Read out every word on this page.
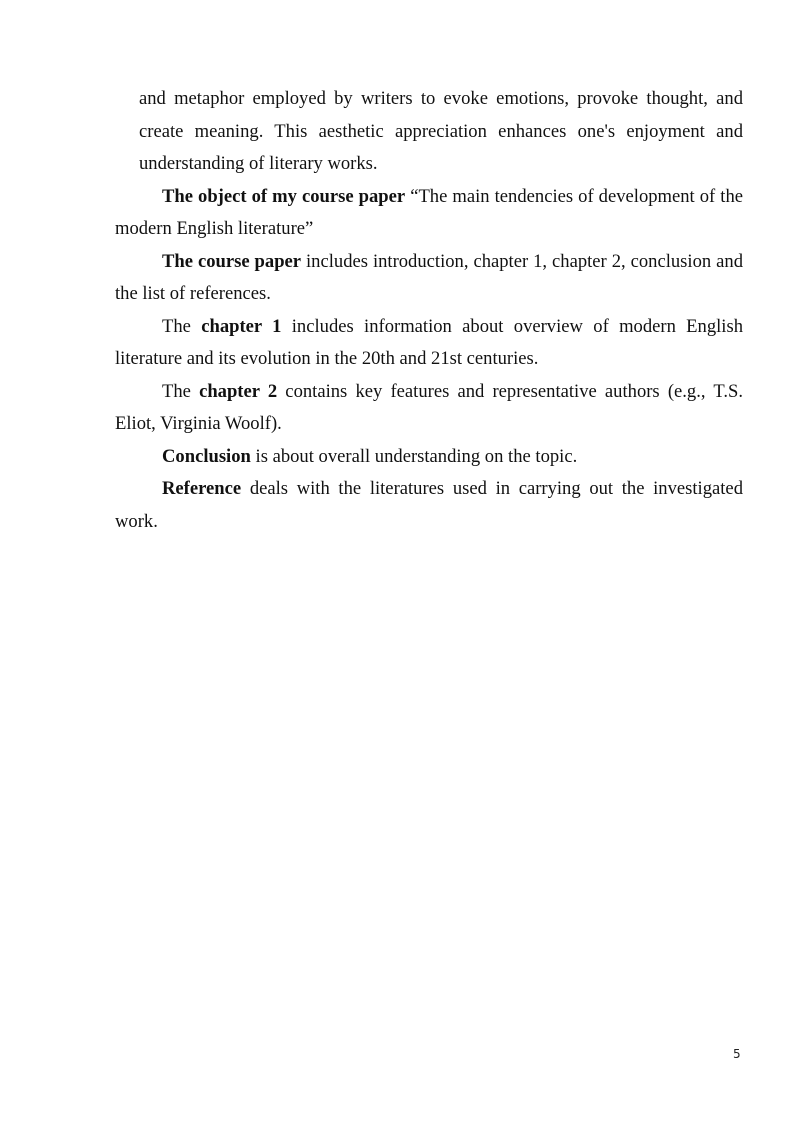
and metaphor employed by writers to evoke emotions, provoke thought, and create meaning. This aesthetic appreciation enhances one's enjoyment and understanding of literary works.

The object of my course paper “The main tendencies of development of the modern English literature”

The course paper includes introduction, chapter 1, chapter 2, conclusion and the list of references.

The chapter 1 includes information about overview of modern English literature and its evolution in the 20th and 21st centuries.

The chapter 2 contains key features and representative authors (e.g., T.S. Eliot, Virginia Woolf).

Conclusion is about overall understanding on the topic.

Reference deals with the literatures used in carrying out the investigated work.

5
